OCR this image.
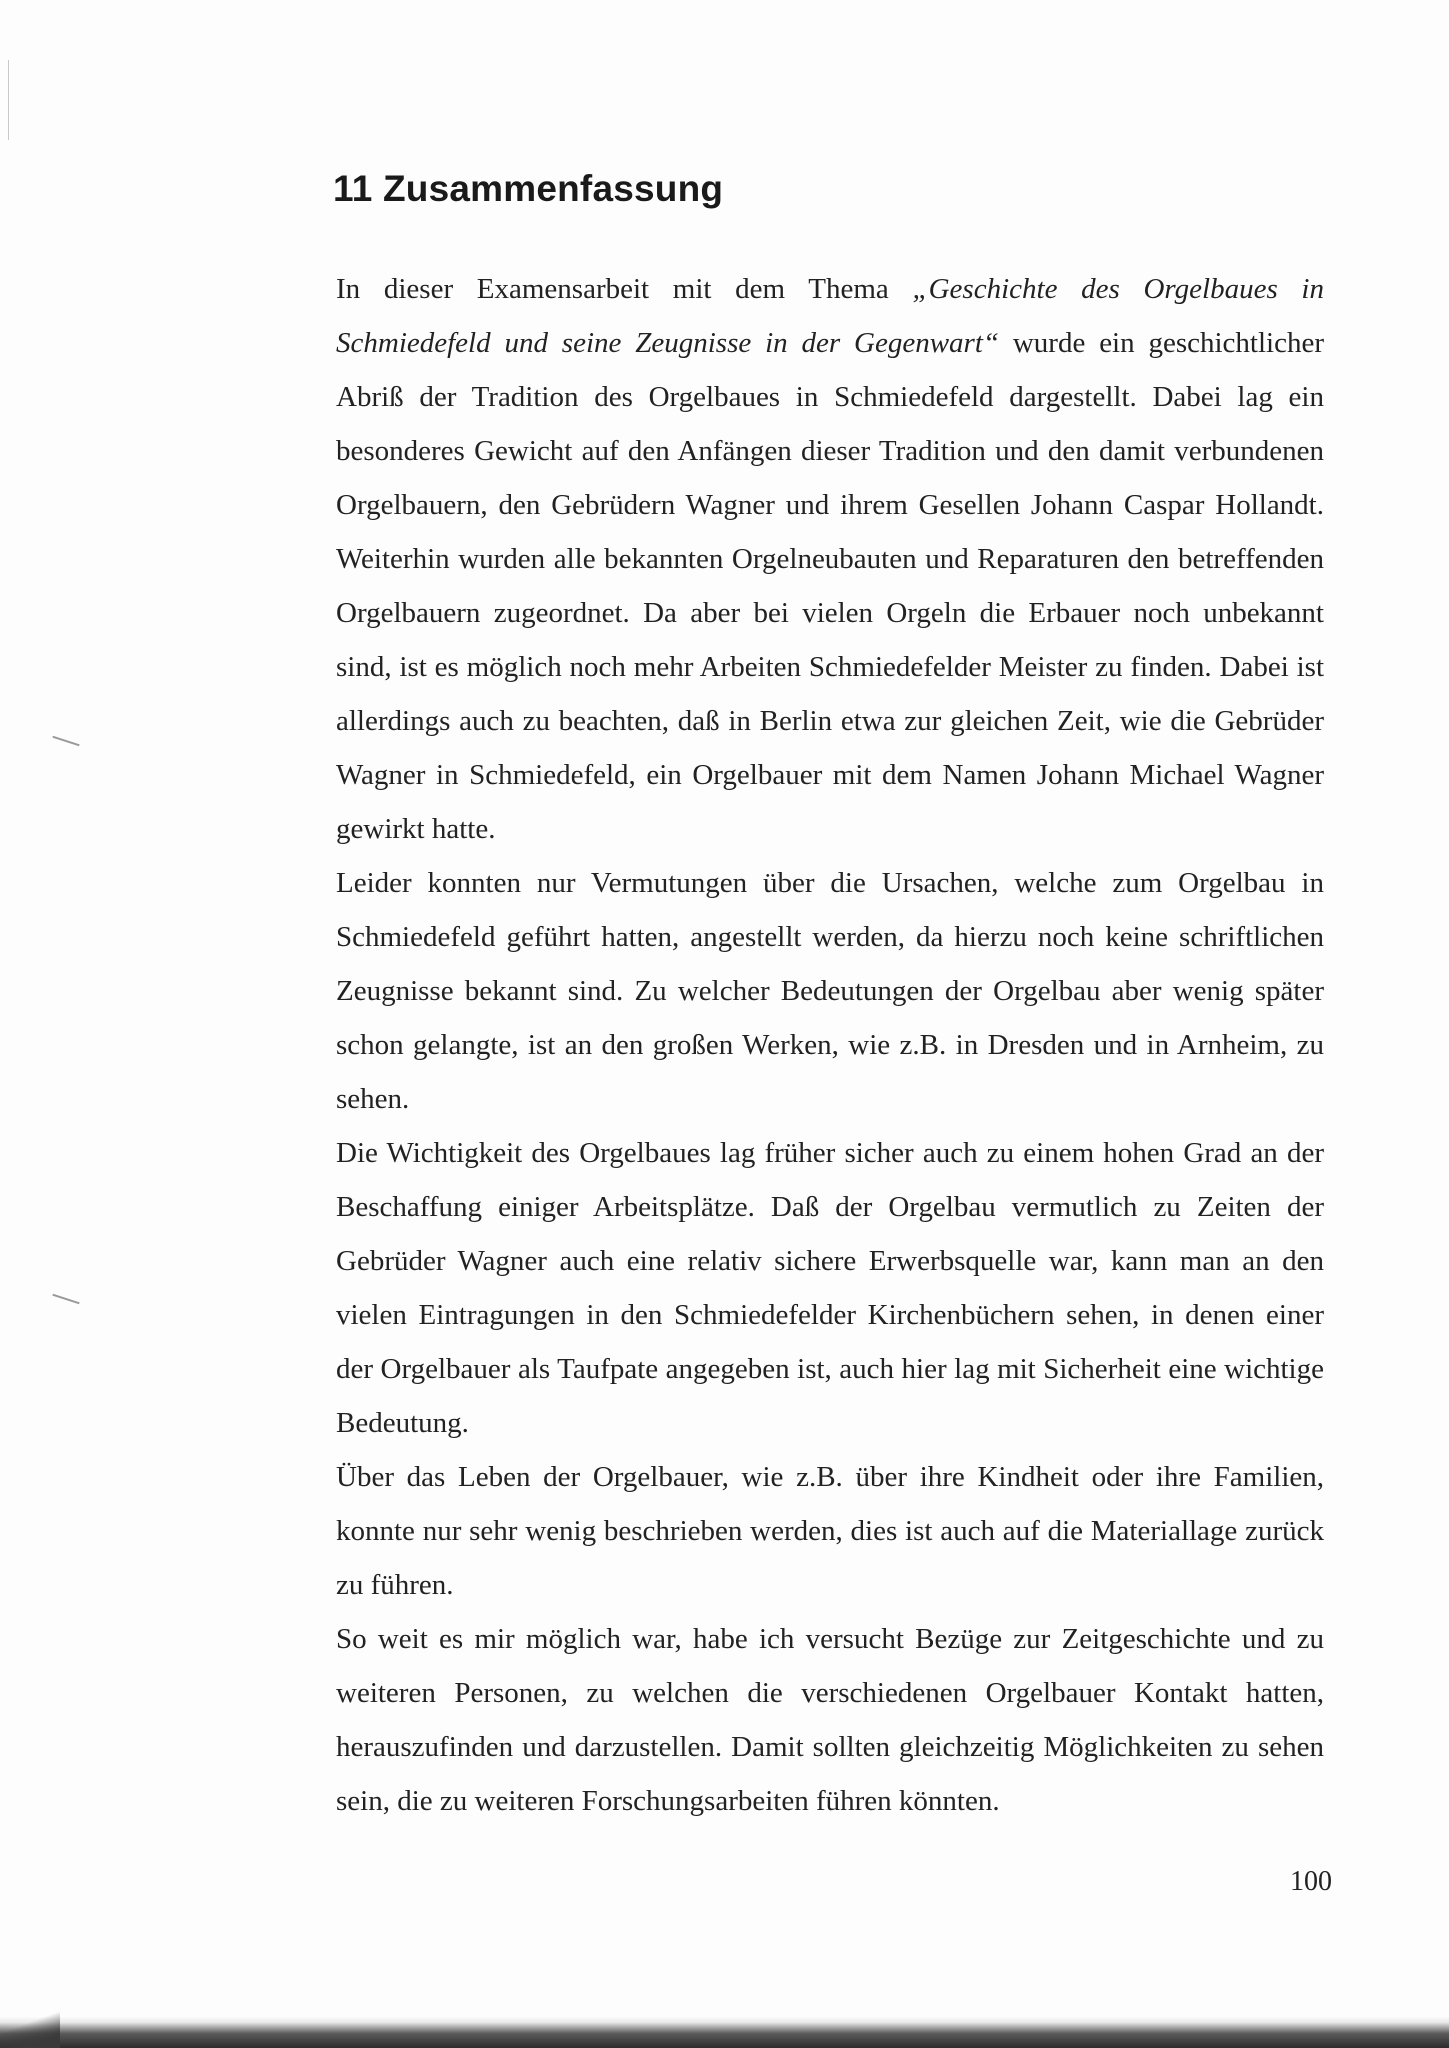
11 Zusammenfassung

In dieser Examensarbeit mit dem Thema „Geschichte des Orgelbaues in Schmiedefeld und seine Zeugnisse in der Gegenwart“ wurde ein geschichtlicher Abriß der Tradition des Orgelbaues in Schmiedefeld dargestellt. Dabei lag ein besonderes Gewicht auf den Anfängen dieser Tradition und den damit verbundenen Orgelbauern, den Gebrüdern Wagner und ihrem Gesellen Johann Caspar Hollandt. Weiterhin wurden alle bekannten Orgelneubauten und Reparaturen den betreffenden Orgelbauern zugeordnet. Da aber bei vielen Orgeln die Erbauer noch unbekannt sind, ist es möglich noch mehr Arbeiten Schmiedefelder Meister zu finden. Dabei ist allerdings auch zu beachten, daß in Berlin etwa zur gleichen Zeit, wie die Gebrüder Wagner in Schmiedefeld, ein Orgelbauer mit dem Namen Johann Michael Wagner gewirkt hatte.

Leider konnten nur Vermutungen über die Ursachen, welche zum Orgelbau in Schmiedefeld geführt hatten, angestellt werden, da hierzu noch keine schriftlichen Zeugnisse bekannt sind. Zu welcher Bedeutungen der Orgelbau aber wenig später schon gelangte, ist an den großen Werken, wie z.B. in Dresden und in Arnheim, zu sehen.

Die Wichtigkeit des Orgelbaues lag früher sicher auch zu einem hohen Grad an der Beschaffung einiger Arbeitsplätze. Daß der Orgelbau vermutlich zu Zeiten der Gebrüder Wagner auch eine relativ sichere Erwerbsquelle war, kann man an den vielen Eintragungen in den Schmiedefelder Kirchenbüchern sehen, in denen einer der Orgelbauer als Taufpate angegeben ist, auch hier lag mit Sicherheit eine wichtige Bedeutung.

Über das Leben der Orgelbauer, wie z.B. über ihre Kindheit oder ihre Familien, konnte nur sehr wenig beschrieben werden, dies ist auch auf die Materiallage zurück zu führen.

So weit es mir möglich war, habe ich versucht Bezüge zur Zeitgeschichte und zu weiteren Personen, zu welchen die verschiedenen Orgelbauer Kontakt hatten, herauszufinden und darzustellen. Damit sollten gleichzeitig Möglichkeiten zu sehen sein, die zu weiteren Forschungsarbeiten führen könnten.

100
